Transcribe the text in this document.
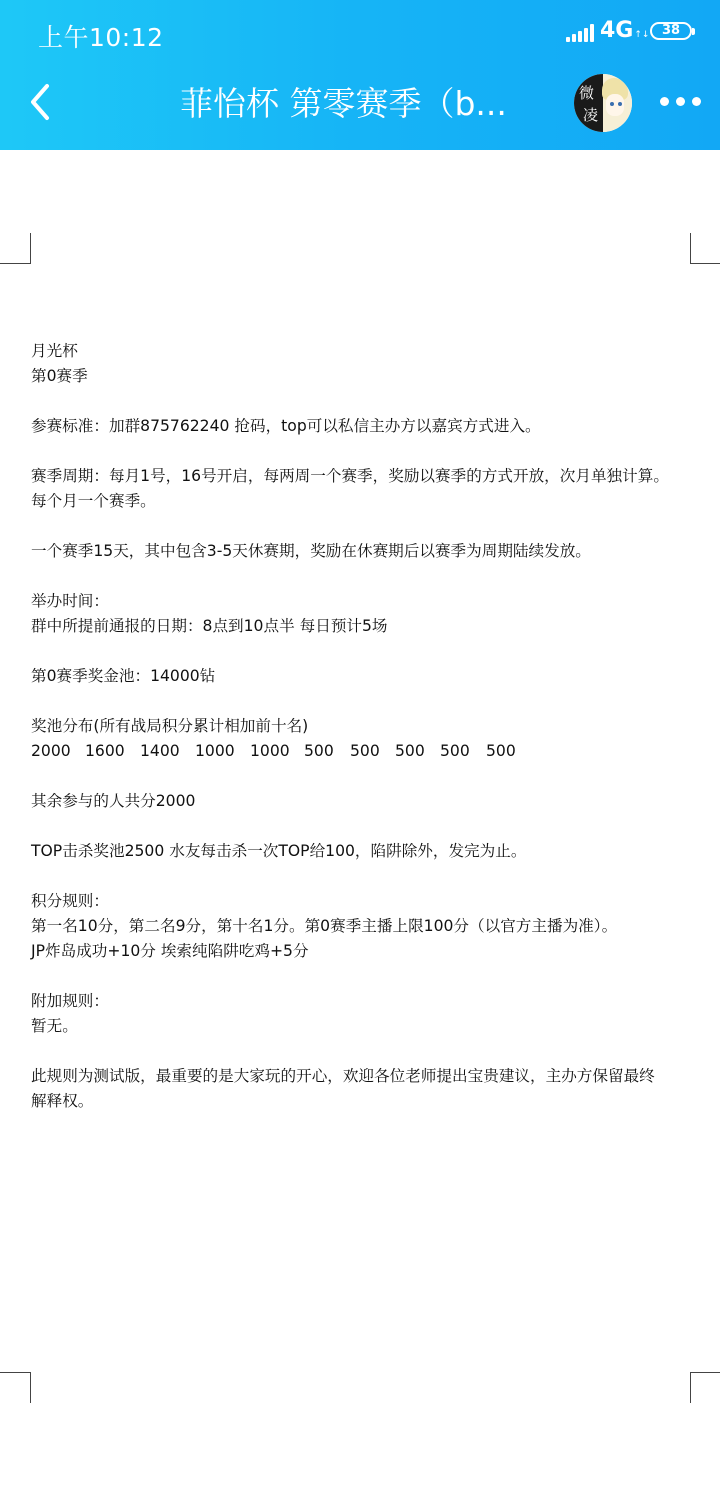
上午10:12	4G↑↓ 38
菲怡杯 第零赛季（b...	微
凌

月光杯

第0赛季

参赛标准：加群875762240 抢码，top可以私信主办方以嘉宾方式进入。

赛季周期：每月1号，16号开启，每两周一个赛季，奖励以赛季的方式开放，次月单独计算。

每个月一个赛季。

一个赛季15天，其中包含3-5天休赛期，奖励在休赛期后以赛季为周期陆续发放。

举办时间：

群中所提前通报的日期：8点到10点半 每日预计5场

第0赛季奖金池：14000钻

奖池分布(所有战局积分累计相加前十名)

2000 1600 1400 1000 1000 500 500 500 500 500

其余参与的人共分2000

TOP击杀奖池2500 水友每击杀一次TOP给100，陷阱除外，发完为止。

积分规则：

第一名10分，第二名9分，第十名1分。第0赛季主播上限100分（以官方主播为准）。

JP炸岛成功+10分 埃索纯陷阱吃鸡+5分

附加规则：

暂无。

此规则为测试版，最重要的是大家玩的开心，欢迎各位老师提出宝贵建议，主办方保留最终

解释权。
